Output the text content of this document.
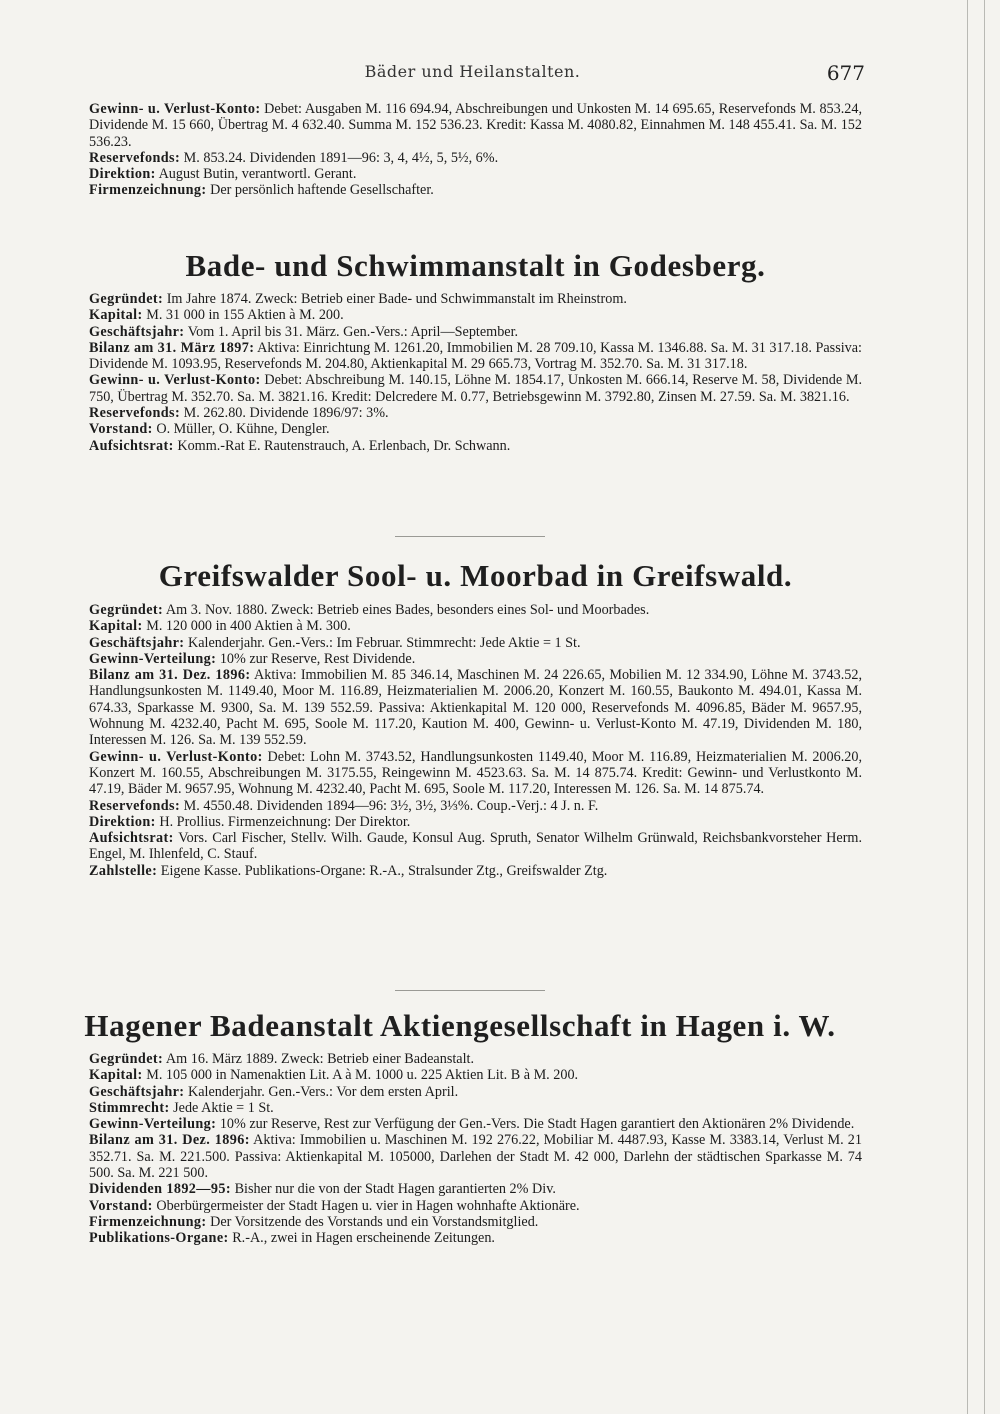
Bäder und Heilanstalten.	677

Gewinn- u. Verlust-Konto: Debet: Ausgaben M. 116 694.94, Abschreibungen und Unkosten M. 14 695.65, Reservefonds M. 853.24, Dividende M. 15 660, Übertrag M. 4 632.40. Summa M. 152 536.23. Kredit: Kassa M. 4080.82, Einnahmen M. 148 455.41. Sa. M. 152 536.23.

Reservefonds: M. 853.24. Dividenden 1891—96: 3, 4, 4½, 5, 5½, 6%.

Direktion: August Butin, verantwortl. Gerant.

Firmenzeichnung: Der persönlich haftende Gesellschafter.

Bade- und Schwimmanstalt in Godesberg.

Gegründet: Im Jahre 1874. Zweck: Betrieb einer Bade- und Schwimmanstalt im Rheinstrom.

Kapital: M. 31 000 in 155 Aktien à M. 200.

Geschäftsjahr: Vom 1. April bis 31. März. Gen.-Vers.: April—September.

Bilanz am 31. März 1897: Aktiva: Einrichtung M. 1261.20, Immobilien M. 28 709.10, Kassa M. 1346.88. Sa. M. 31 317.18. Passiva: Dividende M. 1093.95, Reservefonds M. 204.80, Aktienkapital M. 29 665.73, Vortrag M. 352.70. Sa. M. 31 317.18.

Gewinn- u. Verlust-Konto: Debet: Abschreibung M. 140.15, Löhne M. 1854.17, Unkosten M. 666.14, Reserve M. 58, Dividende M. 750, Übertrag M. 352.70. Sa. M. 3821.16. Kredit: Delcredere M. 0.77, Betriebsgewinn M. 3792.80, Zinsen M. 27.59. Sa. M. 3821.16.

Reservefonds: M. 262.80. Dividende 1896/97: 3%.

Vorstand: O. Müller, O. Kühne, Dengler.

Aufsichtsrat: Komm.-Rat E. Rautenstrauch, A. Erlenbach, Dr. Schwann.

Greifswalder Sool- u. Moorbad in Greifswald.

Gegründet: Am 3. Nov. 1880. Zweck: Betrieb eines Bades, besonders eines Sol- und Moorbades.

Kapital: M. 120 000 in 400 Aktien à M. 300.

Geschäftsjahr: Kalenderjahr. Gen.-Vers.: Im Februar. Stimmrecht: Jede Aktie = 1 St.

Gewinn-Verteilung: 10% zur Reserve, Rest Dividende.

Bilanz am 31. Dez. 1896: Aktiva: Immobilien M. 85 346.14, Maschinen M. 24 226.65, Mobilien M. 12 334.90, Löhne M. 3743.52, Handlungsunkosten M. 1149.40, Moor M. 116.89, Heizmaterialien M. 2006.20, Konzert M. 160.55, Baukonto M. 494.01, Kassa M. 674.33, Sparkasse M. 9300, Sa. M. 139 552.59. Passiva: Aktienkapital M. 120 000, Reservefonds M. 4096.85, Bäder M. 9657.95, Wohnung M. 4232.40, Pacht M. 695, Soole M. 117.20, Kaution M. 400, Gewinn- u. Verlust-Konto M. 47.19, Dividenden M. 180, Interessen M. 126. Sa. M. 139 552.59.

Gewinn- u. Verlust-Konto: Debet: Lohn M. 3743.52, Handlungsunkosten 1149.40, Moor M. 116.89, Heizmaterialien M. 2006.20, Konzert M. 160.55, Abschreibungen M. 3175.55, Reingewinn M. 4523.63. Sa. M. 14 875.74. Kredit: Gewinn- und Verlustkonto M. 47.19, Bäder M. 9657.95, Wohnung M. 4232.40, Pacht M. 695, Soole M. 117.20, Interessen M. 126. Sa. M. 14 875.74.

Reservefonds: M. 4550.48. Dividenden 1894—96: 3½, 3½, 3⅓%. Coup.-Verj.: 4 J. n. F.

Direktion: H. Prollius. Firmenzeichnung: Der Direktor.

Aufsichtsrat: Vors. Carl Fischer, Stellv. Wilh. Gaude, Konsul Aug. Spruth, Senator Wilhelm Grünwald, Reichsbankvorsteher Herm. Engel, M. Ihlenfeld, C. Stauf.

Zahlstelle: Eigene Kasse. Publikations-Organe: R.-A., Stralsunder Ztg., Greifswalder Ztg.

Hagener Badeanstalt Aktiengesellschaft in Hagen i. W.

Gegründet: Am 16. März 1889. Zweck: Betrieb einer Badeanstalt.

Kapital: M. 105 000 in Namenaktien Lit. A à M. 1000 u. 225 Aktien Lit. B à M. 200.

Geschäftsjahr: Kalenderjahr. Gen.-Vers.: Vor dem ersten April.

Stimmrecht: Jede Aktie = 1 St.

Gewinn-Verteilung: 10% zur Reserve, Rest zur Verfügung der Gen.-Vers. Die Stadt Hagen garantiert den Aktionären 2% Dividende.

Bilanz am 31. Dez. 1896: Aktiva: Immobilien u. Maschinen M. 192 276.22, Mobiliar M. 4487.93, Kasse M. 3383.14, Verlust M. 21 352.71. Sa. M. 221.500. Passiva: Aktienkapital M. 105000, Darlehen der Stadt M. 42 000, Darlehn der städtischen Sparkasse M. 74 500. Sa. M. 221 500.

Dividenden 1892—95: Bisher nur die von der Stadt Hagen garantierten 2% Div.

Vorstand: Oberbürgermeister der Stadt Hagen u. vier in Hagen wohnhafte Aktionäre.

Firmenzeichnung: Der Vorsitzende des Vorstands und ein Vorstandsmitglied.

Publikations-Organe: R.-A., zwei in Hagen erscheinende Zeitungen.
